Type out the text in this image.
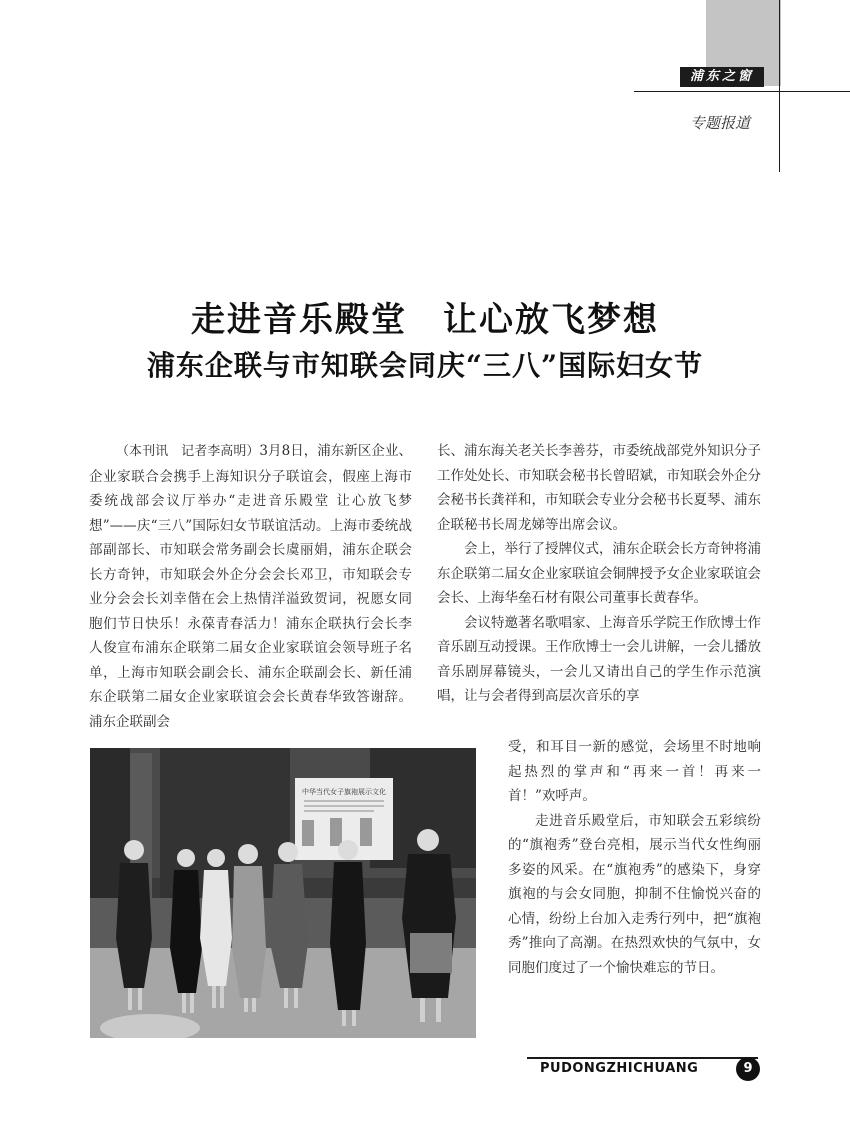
浦东之窗
专题报道
走进音乐殿堂　让心放飞梦想
浦东企联与市知联会同庆“三八”国际妇女节

（本刊讯　记者李高明）3月8日，浦东新区企业、企业家联合会携手上海知识分子联谊会，假座上海市委统战部会议厅举办“走进音乐殿堂 让心放飞梦想”——庆“三八”国际妇女节联谊活动。上海市委统战部副部长、市知联会常务副会长虞丽娟，浦东企联会长方奇钟，市知联会外企分会会长邓卫，市知联会专业分会会长刘幸偕在会上热情洋溢致贺词，祝愿女同胞们节日快乐！永葆青春活力！浦东企联执行会长李人俊宣布浦东企联第二届女企业家联谊会领导班子名单，上海市知联会副会长、浦东企联副会长、新任浦东企联第二届女企业家联谊会会长黄春华致答谢辞。浦东企联副会

长、浦东海关老关长李善芬，市委统战部党外知识分子工作处处长、市知联会秘书长曾昭斌，市知联会外企分会秘书长龚祥和，市知联会专业分会秘书长夏琴、浦东企联秘书长周龙娣等出席会议。

会上，举行了授牌仪式，浦东企联会长方奇钟将浦东企联第二届女企业家联谊会铜牌授予女企业家联谊会会长、上海华垒石材有限公司董事长黄春华。

会议特邀著名歌唱家、上海音乐学院王作欣博士作音乐剧互动授课。王作欣博士一会儿讲解，一会儿播放音乐剧屏幕镜头，一会儿又请出自己的学生作示范演唱，让与会者得到高层次音乐的享

受，和耳目一新的感觉，会场里不时地响起热烈的掌声和“再来一首！再来一首！”欢呼声。

走进音乐殿堂后，市知联会五彩缤纷的“旗袍秀”登台亮相，展示当代女性绚丽多姿的风采。在“旗袍秀”的感染下，身穿旗袍的与会女同胞，抑制不住愉悦兴奋的心情，纷纷上台加入走秀行列中，把“旗袍秀”推向了高潮。在热烈欢快的气氛中，女同胞们度过了一个愉快难忘的节日。

中华当代女子旗袍展示文化
PUDONGZHICHUANG	9
